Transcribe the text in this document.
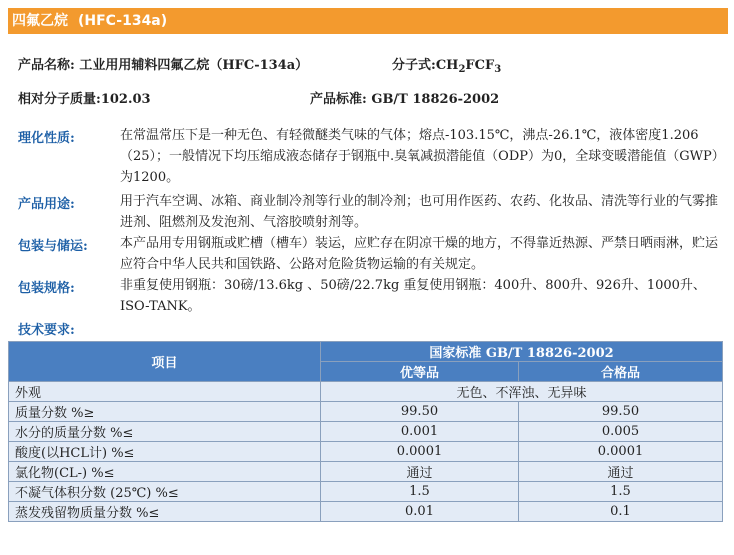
四氟乙烷 (HFC-134a)
产品名称: 工业用用辅料四氟乙烷（HFC-134a）	分子式$:CH_2FCF_3$
相对分子质量:102.03	产品标准: GB/T 18826-2002
理化性质:	在常温常压下是一种无色、有轻微醚类气味的气体；熔点-103.15℃，沸点-26.1℃，液体密度1.206（25）；一般情况下均压缩成液态储存于钢瓶中.臭氧减损潜能值（ODP）为0，全球变暖潜能值（GWP）为1200。
产品用途:	用于汽车空调、冰箱、商业制冷剂等行业的制冷剂；也可用作医药、农药、化妆品、清洗等行业的气雾推进剂、阻燃剂及发泡剂、气溶胶喷射剂等。
包装与储运: 本产品用专用钢瓶或贮槽（槽车）装运，应贮存在阴凉干燥的地方，不得靠近热源、严禁日晒雨淋，贮运应符合中华人民共和国铁路、公路对危险货物运输的有关规定。
包装规格:	非重复使用钢瓶：30磅/13.6kg 、50磅/22.7kg 重复使用钢瓶：400升、800升、926升、1000升、ISO-TANK。
技术要求:
项目	国家标准 GB/T 18826-2002	
	优等品	合格品
外观	无色、不浑浊、无异味	
质量分数 %≥	99.50	99.50
水分的质量分数 %≤	0.001	0.005
酸度(以HCL计) %≤	0.0001	0.0001
氯化物(CL-) %≤	通过	通过
不凝气体积分数 (25℃) %≤	1.5	1.5
蒸发残留物质量分数 %≤	0.01	0.1
